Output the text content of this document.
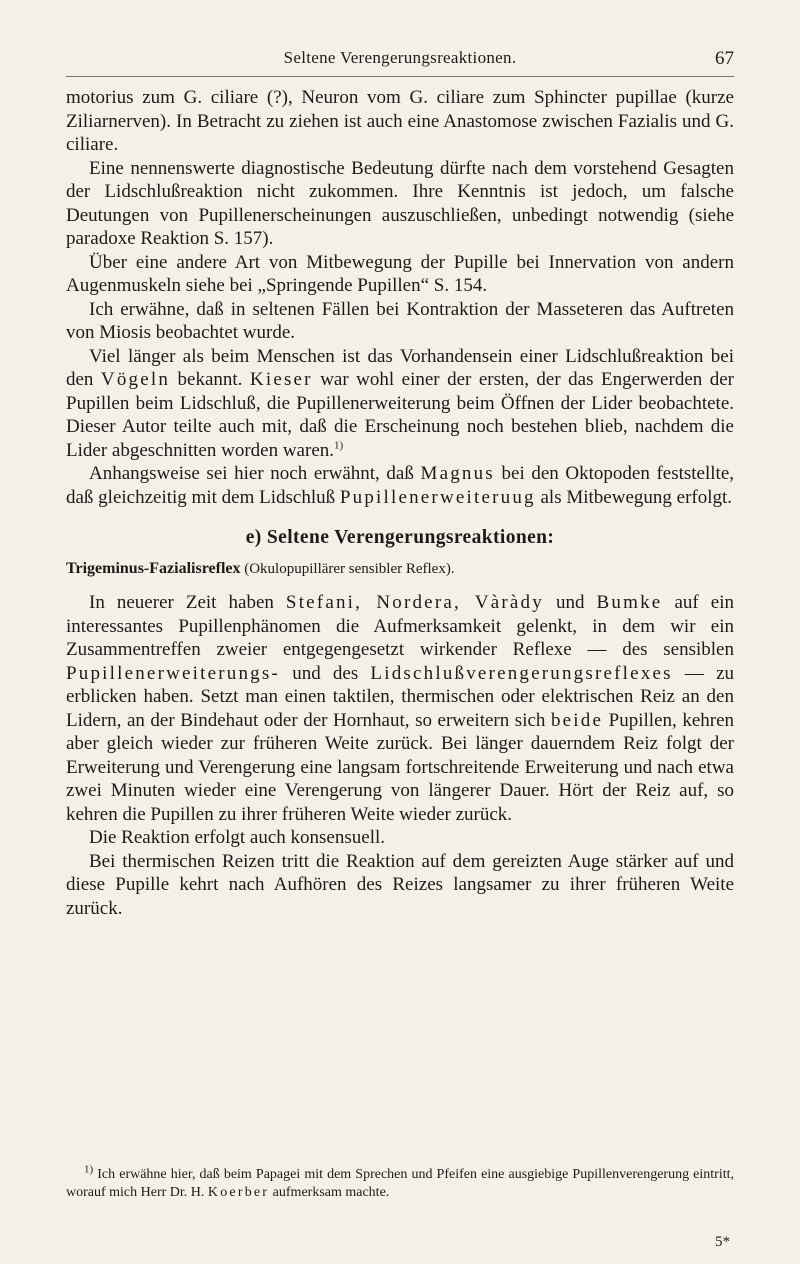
Seltene Verengerungsreaktionen.	67

motorius zum G. ciliare (?), Neuron vom G. ciliare zum Sphincter pupillae (kurze Ziliarnerven). In Betracht zu ziehen ist auch eine Anastomose zwischen Fazialis und G. ciliare.

Eine nennenswerte diagnostische Bedeutung dürfte nach dem vorstehend Gesagten der Lidschlußreaktion nicht zukommen. Ihre Kenntnis ist jedoch, um falsche Deutungen von Pupillenerscheinungen auszuschließen, unbedingt notwendig (siehe paradoxe Reaktion S. 157).

Über eine andere Art von Mitbewegung der Pupille bei Innervation von andern Augenmuskeln siehe bei „Springende Pupillen“ S. 154.

Ich erwähne, daß in seltenen Fällen bei Kontraktion der Masseteren das Auftreten von Miosis beobachtet wurde.

Viel länger als beim Menschen ist das Vorhandensein einer Lidschlußreaktion bei den Vögeln bekannt. Kieser war wohl einer der ersten, der das Engerwerden der Pupillen beim Lidschluß, die Pupillenerweiterung beim Öffnen der Lider beobachtete. Dieser Autor teilte auch mit, daß die Erscheinung noch bestehen blieb, nachdem die Lider abgeschnitten worden waren.$^{1)}$

Anhangsweise sei hier noch erwähnt, daß Magnus bei den Oktopoden feststellte, daß gleichzeitig mit dem Lidschluß Pupillenerweiteruug als Mitbewegung erfolgt.

e) Seltene Verengerungsreaktionen:
Trigeminus-Fazialisreflex (Okulopupillärer sensibler Reflex).

In neuerer Zeit haben Stefani, Nordera, Vàràdy und Bumke auf ein interessantes Pupillenphänomen die Aufmerksamkeit gelenkt, in dem wir ein Zusammentreffen zweier entgegengesetzt wirkender Reflexe — des sensiblen Pupillenerweiterungs- und des Lidschlußverengerungsreflexes — zu erblicken haben. Setzt man einen taktilen, thermischen oder elektrischen Reiz an den Lidern, an der Bindehaut oder der Hornhaut, so erweitern sich beide Pupillen, kehren aber gleich wieder zur früheren Weite zurück. Bei länger dauerndem Reiz folgt der Erweiterung und Verengerung eine langsam fortschreitende Erweiterung und nach etwa zwei Minuten wieder eine Verengerung von längerer Dauer. Hört der Reiz auf, so kehren die Pupillen zu ihrer früheren Weite wieder zurück.

Die Reaktion erfolgt auch konsensuell.

Bei thermischen Reizen tritt die Reaktion auf dem gereizten Auge stärker auf und diese Pupille kehrt nach Aufhören des Reizes langsamer zu ihrer früheren Weite zurück.

$^{1)}$ Ich erwähne hier, daß beim Papagei mit dem Sprechen und Pfeifen eine ausgiebige Pupillenverengerung eintritt, worauf mich Herr Dr. H. Koerber aufmerksam machte.

5*
